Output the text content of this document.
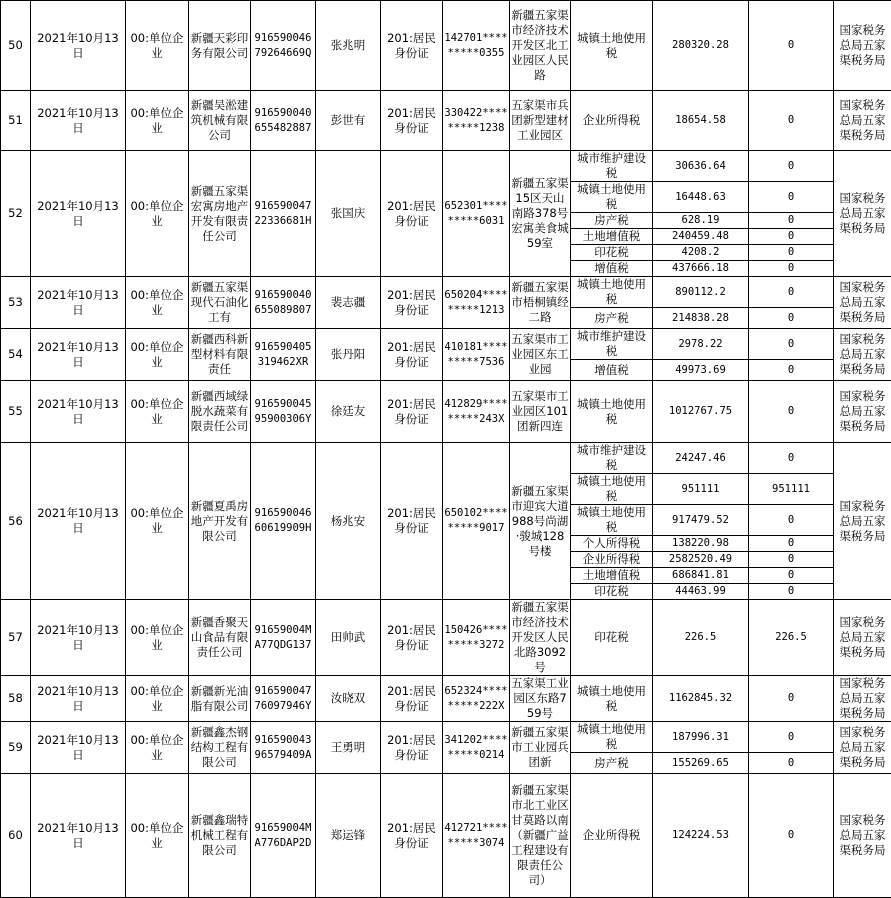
50	2021年10月13日	00:单位企业	新疆天彩印务有限公司	91659004679264669Q	张兆明	201:居民身份证	142701*********0355	新疆五家渠市经济技术开发区北工业园区人民路	城镇土地使用税	280320.28	0	国家税务总局五家渠税务局
51	2021年10月13日	00:单位企业	新疆吴淞建筑机械有限公司	916590040655482887	彭世有	201:居民身份证	330422*********1238	五家渠市兵团新型建材工业园区	企业所得税	18654.58	0	国家税务总局五家渠税务局
52	2021年10月13日	00:单位企业	新疆五家渠宏寓房地产开发有限责任公司	91659004722336681H	张国庆	201:居民身份证	652301*********6031	新疆五家渠15区天山南路378号宏寓美食城59室	城市维护建设税	30636.64	0	国家税务总局五家渠税务局
									城镇土地使用税	16448.63	0	
									房产税	628.19	0	
									土地增值税	240459.48	0	
									印花税	4208.2	0	
									增值税	437666.18	0	
53	2021年10月13日	00:单位企业	新疆五家渠现代石油化工有	916590040655089807	裴志疆	201:居民身份证	650204*********1213	新疆五家渠市梧桐镇经二路	城镇土地使用税	890112.2	0	国家税务总局五家渠税务局
									房产税	214838.28	0	
54	2021年10月13日	00:单位企业	新疆西科新型材料有限责任	916590405319462XR	张丹阳	201:居民身份证	410181*********7536	五家渠市工业园区东工业园	城市维护建设税	2978.22	0	国家税务总局五家渠税务局
									增值税	49973.69	0	
55	2021年10月13日	00:单位企业	新疆西域绿脱水蔬菜有限责任公司	91659004595900306Y	徐廷友	201:居民身份证	412829*********243X	五家渠市工业园区101团新四连	城镇土地使用税	1012767.75	0	国家税务总局五家渠税务局
56	2021年10月13日	00:单位企业	新疆夏禹房地产开发有限公司	91659004660619909H	杨兆安	201:居民身份证	650102*********9017	新疆五家渠市迎宾大道988号尚湖·骏城128号楼	城市维护建设税	24247.46	0	国家税务总局五家渠税务局
									城镇土地使用税	951111	951111	
									城镇土地使用税	917479.52	0	
									个人所得税	138220.98	0	
									企业所得税	2582520.49	0	
									土地增值税	686841.81	0	
									印花税	44463.99	0	
57	2021年10月13日	00:单位企业	新疆香聚天山食品有限责任公司	91659004MA77QDG137	田帅武	201:居民身份证	150426*********3272	新疆五家渠市经济技术开发区人民北路3092号	印花税	226.5	226.5	国家税务总局五家渠税务局
58	2021年10月13日	00:单位企业	新疆新光油脂有限公司	91659004776097946Y	汝晓双	201:居民身份证	652324*********222X	五家渠工业园区东路759号	城镇土地使用税	1162845.32	0	国家税务总局五家渠税务局
59	2021年10月13日	00:单位企业	新疆鑫杰钢结构工程有限公司	91659004396579409A	王勇明	201:居民身份证	341202*********0214	新疆五家渠市工业园兵团新	城镇土地使用税	187996.31	0	国家税务总局五家渠税务局
									房产税	155269.65	0	
60	2021年10月13日	00:单位企业	新疆鑫瑞特机械工程有限公司	91659004MA776DAP2D	郑运锋	201:居民身份证	412721*********3074	新疆五家渠市北工业区甘莫路以南（新疆广益工程建设有限责任公司）	企业所得税	124224.53	0	国家税务总局五家渠税务局
